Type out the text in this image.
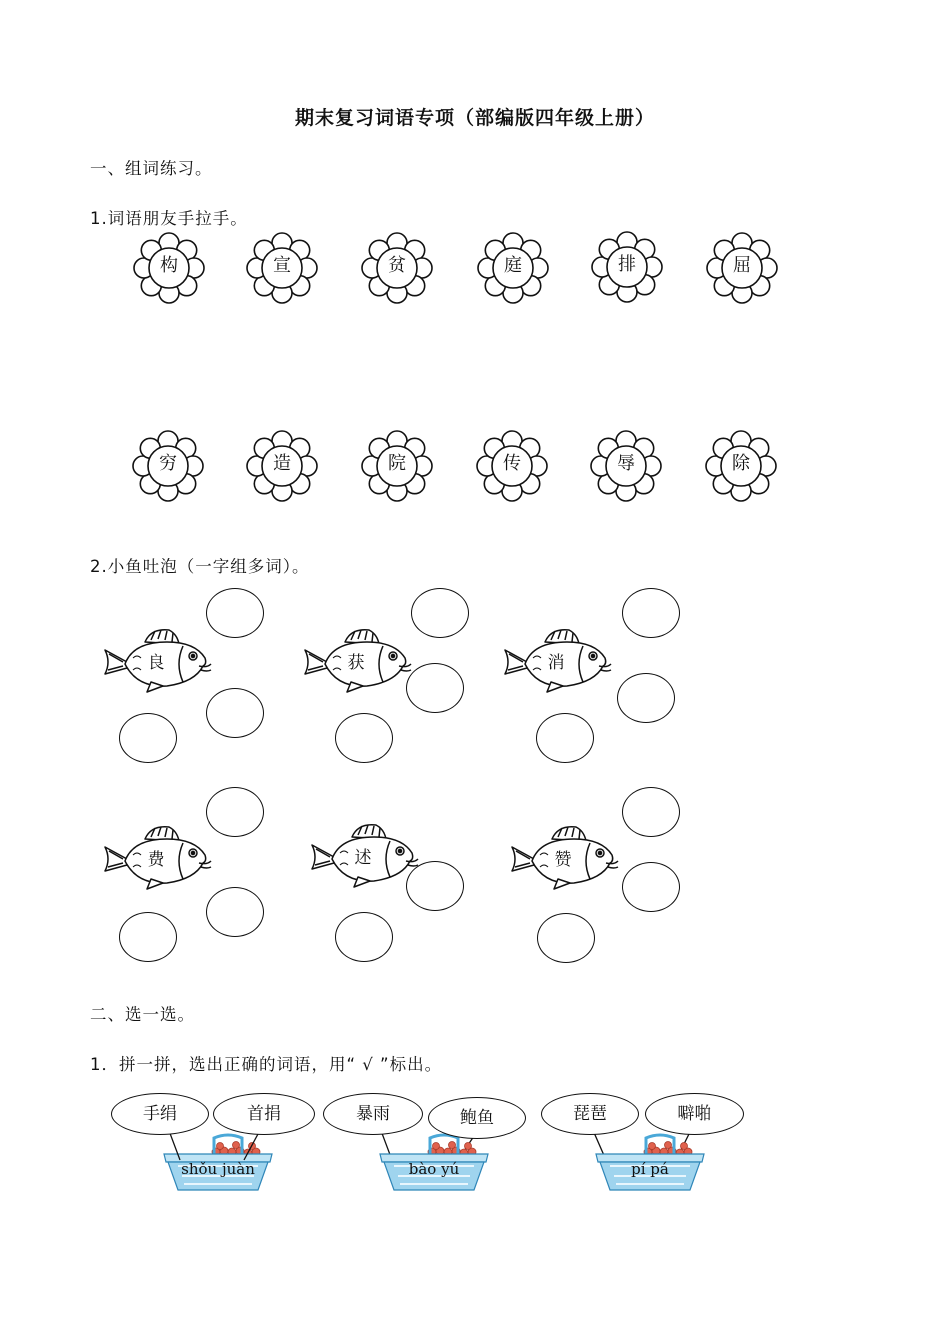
期末复习词语专项（部编版四年级上册）
一、组词练习。
1.词语朋友手拉手。
构	宣	贫	庭	排	屈
穷	造	院	传	辱	除
2.小鱼吐泡（一字组多词）。
良	获	消
费	述	赞
二、选一选。
1．拼一拼，选出正确的词语，用“ √ ”标出。
shǒu juàn
手绢	首捐
bào yú
暴雨	鲍鱼
pí pá
琵琶	噼啪
